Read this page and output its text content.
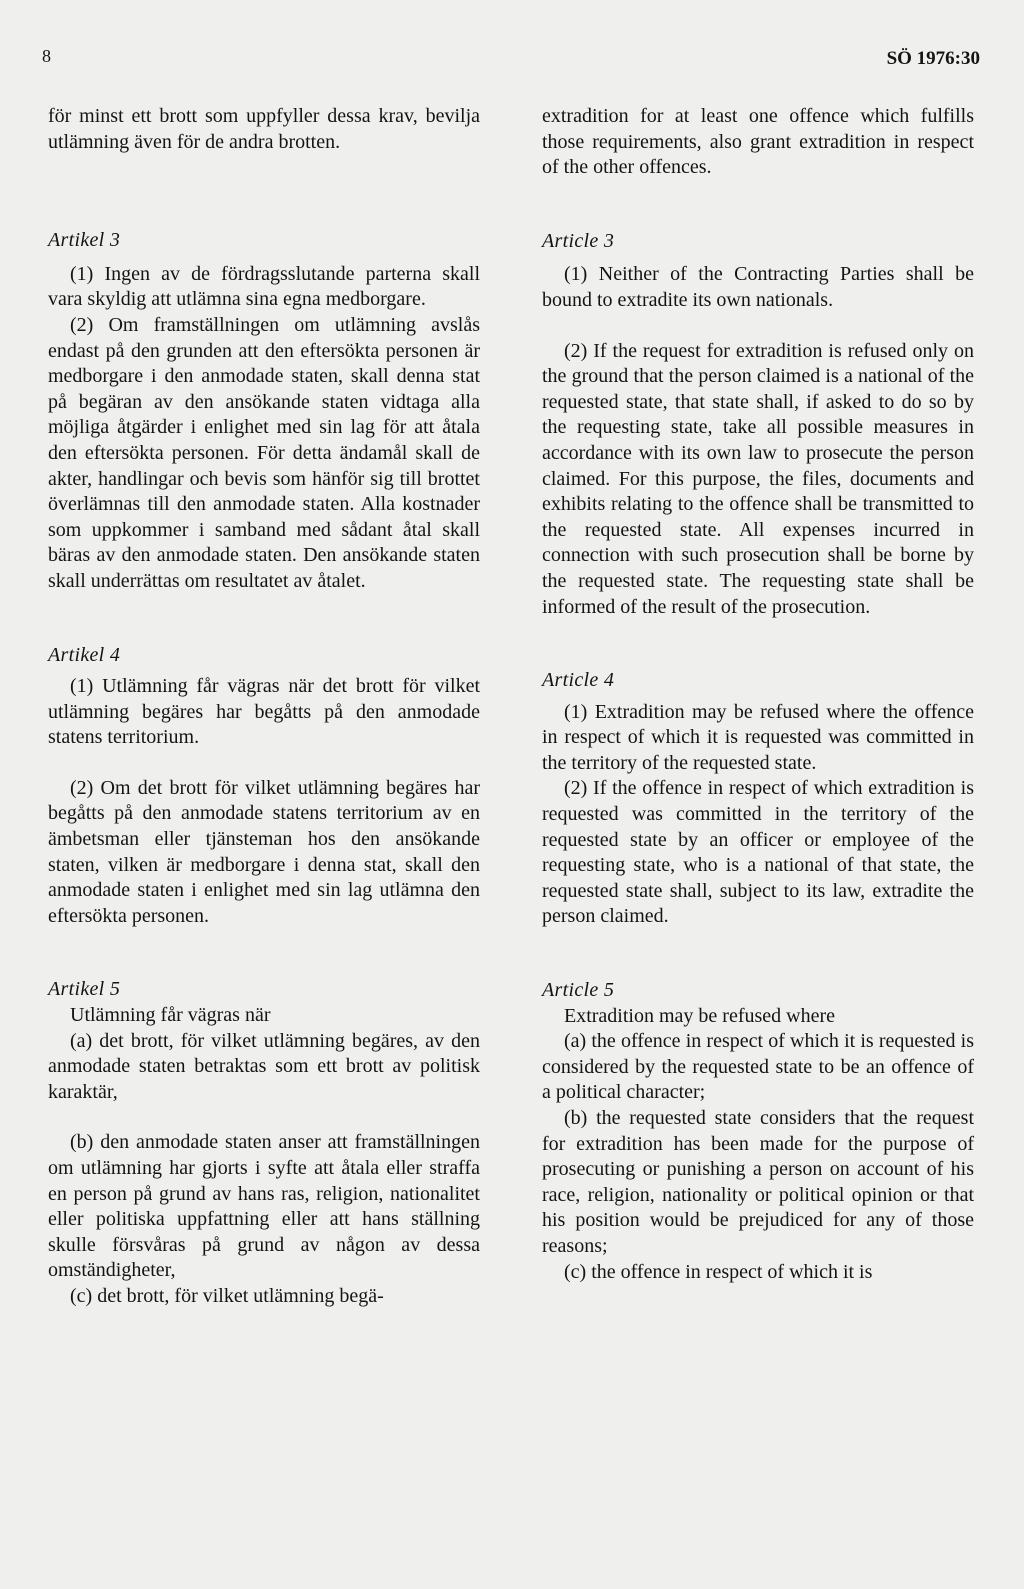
8	SÖ 1976:30

för minst ett brott som uppfyller dessa krav, bevilja utlämning även för de andra brotten.

Artikel 3

(1) Ingen av de fördragsslutande parterna skall vara skyldig att utlämna sina egna medborgare.

(2) Om framställningen om utlämning avslås endast på den grunden att den eftersökta personen är medborgare i den anmodade staten, skall denna stat på begäran av den ansökande staten vidtaga alla möjliga åtgärder i enlighet med sin lag för att åtala den eftersökta personen. För detta ändamål skall de akter, handlingar och bevis som hänför sig till brottet överlämnas till den anmodade staten. Alla kostnader som uppkommer i samband med sådant åtal skall bäras av den anmodade staten. Den ansökande staten skall underrättas om resultatet av åtalet.

Artikel 4

(1) Utlämning får vägras när det brott för vilket utlämning begäres har begåtts på den anmodade statens territorium.

(2) Om det brott för vilket utlämning begäres har begåtts på den anmodade statens territorium av en ämbetsman eller tjänsteman hos den ansökande staten, vilken är medborgare i denna stat, skall den anmodade staten i enlighet med sin lag utlämna den eftersökta personen.

Artikel 5

Utlämning får vägras när

(a) det brott, för vilket utlämning begäres, av den anmodade staten betraktas som ett brott av politisk karaktär,

(b) den anmodade staten anser att framställningen om utlämning har gjorts i syfte att åtala eller straffa en person på grund av hans ras, religion, nationalitet eller politiska uppfattning eller att hans ställning skulle försvåras på grund av någon av dessa omständigheter,

(c) det brott, för vilket utlämning begä-

extradition for at least one offence which fulfills those requirements, also grant extradition in respect of the other offences.

Article 3

(1) Neither of the Contracting Parties shall be bound to extradite its own nationals.

(2) If the request for extradition is refused only on the ground that the person claimed is a national of the requested state, that state shall, if asked to do so by the requesting state, take all possible measures in accordance with its own law to prosecute the person claimed. For this purpose, the files, documents and exhibits relating to the offence shall be transmitted to the requested state. All expenses incurred in connection with such prosecution shall be borne by the requested state. The requesting state shall be informed of the result of the prosecution.

Article 4

(1) Extradition may be refused where the offence in respect of which it is requested was committed in the territory of the requested state.

(2) If the offence in respect of which extradition is requested was committed in the territory of the requested state by an officer or employee of the requesting state, who is a national of that state, the requested state shall, subject to its law, extradite the person claimed.

Article 5

Extradition may be refused where

(a) the offence in respect of which it is requested is considered by the requested state to be an offence of a political character;

(b) the requested state considers that the request for extradition has been made for the purpose of prosecuting or punishing a person on account of his race, religion, nationality or political opinion or that his position would be prejudiced for any of those reasons;

(c) the offence in respect of which it is
